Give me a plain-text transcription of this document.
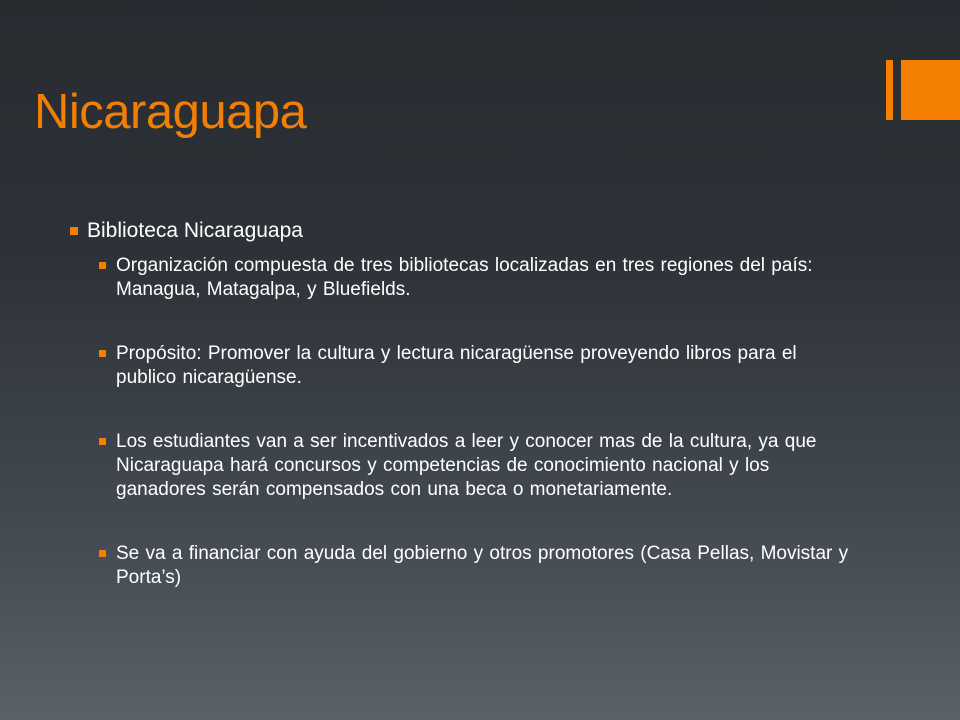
Nicaraguapa
Biblioteca Nicaraguapa
Organización compuesta de tres bibliotecas localizadas en tres regiones del país: Managua, Matagalpa, y Bluefields.
Propósito: Promover la cultura y lectura nicaragüense proveyendo libros para el publico nicaragüense.
Los estudiantes van a ser incentivados a leer y conocer mas de la cultura, ya que Nicaraguapa hará concursos y competencias de conocimiento nacional y los ganadores serán compensados con una beca o monetariamente.
Se va a financiar con ayuda del gobierno y otros promotores (Casa Pellas, Movistar y Porta’s)
